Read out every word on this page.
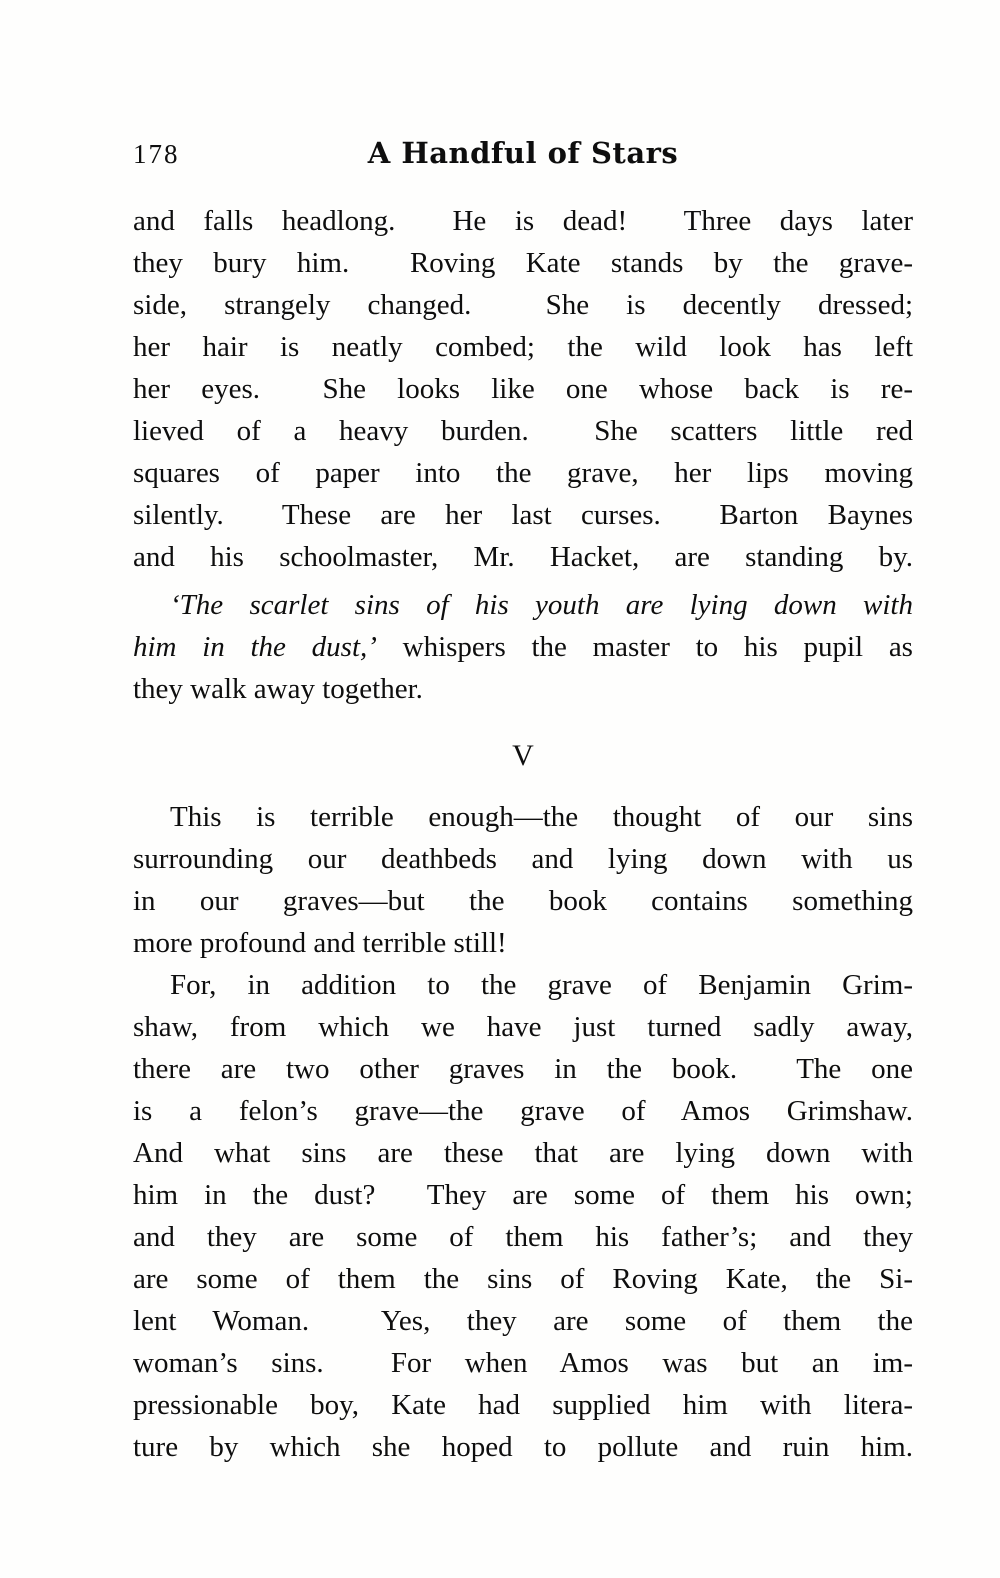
178	A Handful of Stars

and falls headlong.  He is dead!  Three days later
they bury him.  Roving Kate stands by the grave-
side, strangely changed.  She is decently dressed;
her hair is neatly combed; the wild look has left
her eyes.  She looks like one whose back is re-
lieved of a heavy burden.  She scatters little red
squares of paper into the grave, her lips moving
silently.  These are her last curses.  Barton Baynes
and his schoolmaster, Mr. Hacket, are standing by.

‘The scarlet sins of his youth are lying down with
him in the dust,’ whispers the master to his pupil as
they walk away together.

V

This is terrible enough—the thought of our sins
surrounding our deathbeds and lying down with us
in our graves—but the book contains something
more profound and terrible still!

For, in addition to the grave of Benjamin Grim-
shaw, from which we have just turned sadly away,
there are two other graves in the book.  The one
is a felon’s grave—the grave of Amos Grimshaw.
And what sins are these that are lying down with
him in the dust?  They are some of them his own;
and they are some of them his father’s; and they
are some of them the sins of Roving Kate, the Si-
lent Woman.  Yes, they are some of them the
woman’s sins.  For when Amos was but an im-
pressionable boy, Kate had supplied him with litera-
ture by which she hoped to pollute and ruin him.
